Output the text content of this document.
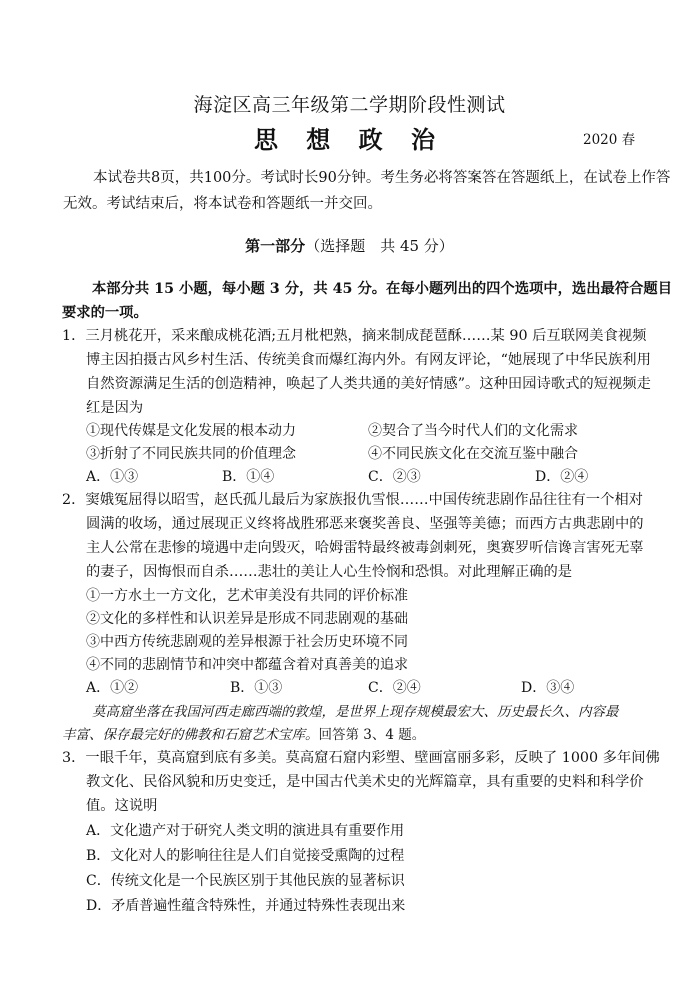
海淀区高三年级第二学期阶段性测试
思 想 政 治	2020 春
本试卷共8页，共100分。考试时长90分钟。考生务必将答案答在答题纸上，在试卷上作答
无效。考试结束后，将本试卷和答题纸一并交回。
第一部分（选择题　共 45 分）
本部分共 15 小题，每小题 3 分，共 45 分。在每小题列出的四个选项中，选出最符合题目
要求的一项。
1．三月桃花开，采来酿成桃花酒;五月枇杷熟，摘来制成琵琶酥……某 90 后互联网美食视频
博主因拍摄古风乡村生活、传统美食而爆红海内外。有网友评论，“她展现了中华民族利用
自然资源满足生活的创造精神，唤起了人类共通的美好情感”。这种田园诗歌式的短视频走
红是因为
①现代传媒是文化发展的根本动力	②契合了当今时代人们的文化需求
③折射了不同民族共同的价值理念	④不同民族文化在交流互鉴中融合
A．①③	B．①④	C．②③	D．②④
2．窦娥冤屈得以昭雪，赵氏孤儿最后为家族报仇雪恨……中国传统悲剧作品往往有一个相对
圆满的收场，通过展现正义终将战胜邪恶来褒奖善良、坚强等美德；而西方古典悲剧中的
主人公常在悲惨的境遇中走向毁灭，哈姆雷特最终被毒剑刺死，奥赛罗听信谗言害死无辜
的妻子，因悔恨而自杀……悲壮的美让人心生怜悯和恐惧。对此理解正确的是
①一方水土一方文化，艺术审美没有共同的评价标准
②文化的多样性和认识差异是形成不同悲剧观的基础
③中西方传统悲剧观的差异根源于社会历史环境不同
④不同的悲剧情节和冲突中都蕴含着对真善美的追求
A．①②	B．①③	C．②④	D．③④
莫高窟坐落在我国河西走廊西端的敦煌，是世界上现存规模最宏大、历史最长久、内容最
丰富、保存最完好的佛教和石窟艺术宝库。回答第 3、4 题。
3．一眼千年，莫高窟到底有多美。莫高窟石窟内彩塑、壁画富丽多彩，反映了 1000 多年间佛
教文化、民俗风貌和历史变迁，是中国古代美术史的光辉篇章，具有重要的史料和科学价
值。这说明
A．文化遗产对于研究人类文明的演进具有重要作用
B．文化对人的影响往往是人们自觉接受熏陶的过程
C．传统文化是一个民族区别于其他民族的显著标识
D．矛盾普遍性蕴含特殊性，并通过特殊性表现出来
